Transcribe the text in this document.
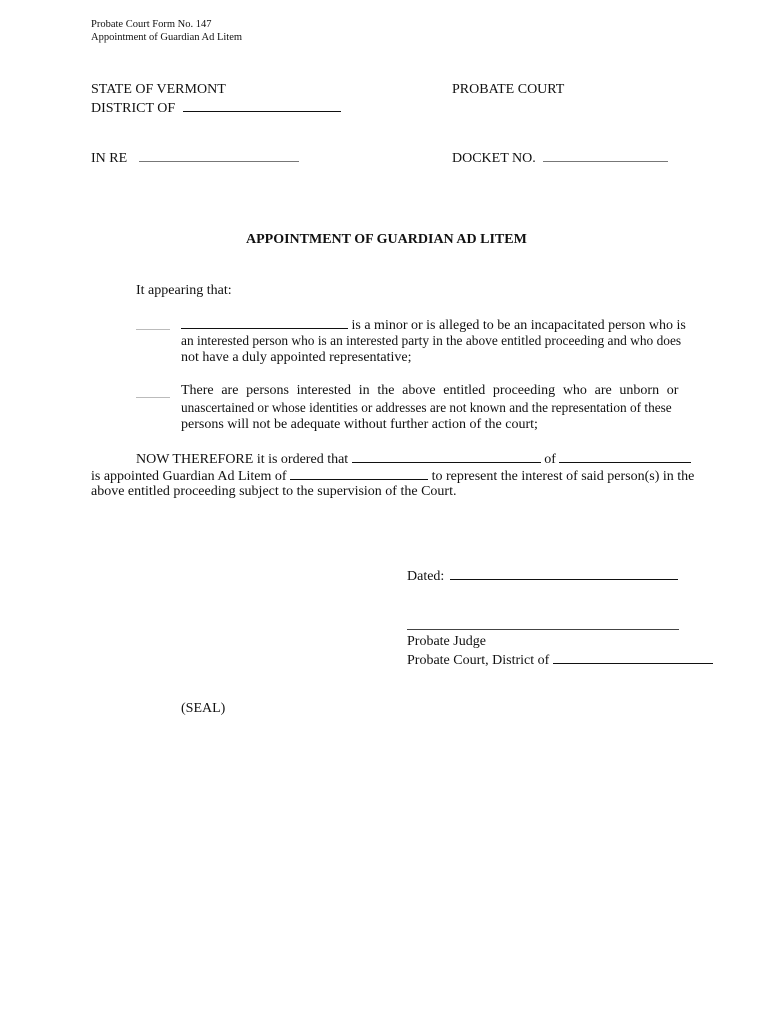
Probate Court Form No. 147
Appointment of Guardian Ad Litem
STATE OF VERMONT
DISTRICT OF
PROBATE COURT
IN RE	DOCKET NO.
APPOINTMENT OF GUARDIAN AD LITEM
It appearing that:
is a minor or is alleged to be an incapacitated person who is
an interested person who is an interested party in the above entitled proceeding and who does
not have a duly appointed representative;
There are persons interested in the above entitled proceeding who are unborn or
unascertained or whose identities or addresses are not known and the representation of these
persons will not be adequate without further action of the court;
NOW THEREFORE it is ordered that	of
is appointed Guardian Ad Litem of	to represent the interest of said person(s) in the
above entitled proceeding subject to the supervision of the Court.
Dated:
Probate Judge
Probate Court, District of
(SEAL)
